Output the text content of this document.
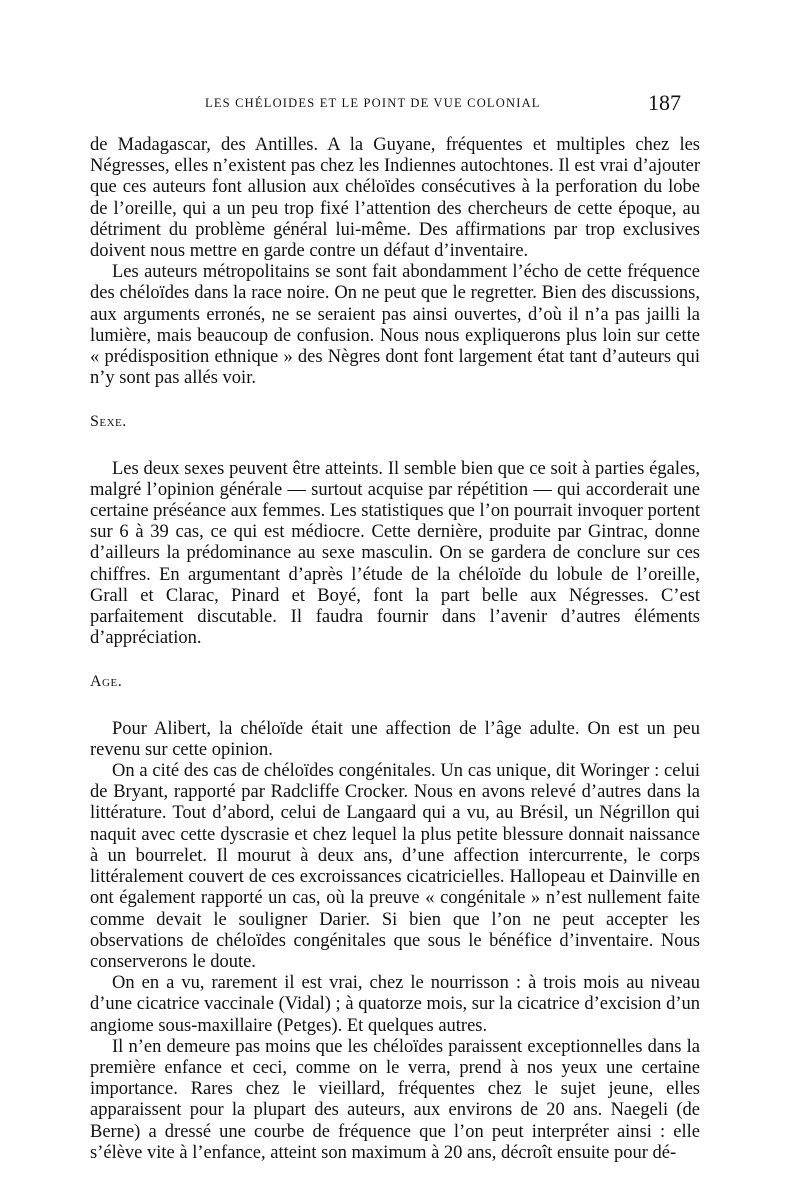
LES CHÉLOIDES ET LE POINT DE VUE COLONIAL	187

de Madagascar, des Antilles. A la Guyane, fréquentes et multiples chez les Négresses, elles n’existent pas chez les Indiennes autochtones. Il est vrai d’ajouter que ces auteurs font allusion aux chéloïdes consécutives à la perforation du lobe de l’oreille, qui a un peu trop fixé l’attention des chercheurs de cette époque, au détriment du problème général lui-même. Des affirmations par trop exclusives doivent nous mettre en garde contre un défaut d’inventaire.

Les auteurs métropolitains se sont fait abondamment l’écho de cette fréquence des chéloïdes dans la race noire. On ne peut que le regretter. Bien des discussions, aux arguments erronés, ne se seraient pas ainsi ouvertes, d’où il n’a pas jailli la lumière, mais beaucoup de confusion. Nous nous expliquerons plus loin sur cette « prédisposition ethnique » des Nègres dont font largement état tant d’auteurs qui n’y sont pas allés voir.

Sexe.

Les deux sexes peuvent être atteints. Il semble bien que ce soit à parties égales, malgré l’opinion générale — surtout acquise par répétition — qui accorderait une certaine préséance aux femmes. Les statistiques que l’on pourrait invoquer portent sur 6 à 39 cas, ce qui est médiocre. Cette dernière, produite par Gintrac, donne d’ailleurs la prédominance au sexe masculin. On se gardera de conclure sur ces chiffres. En argumentant d’après l’étude de la chéloïde du lobule de l’oreille, Grall et Clarac, Pinard et Boyé, font la part belle aux Négresses. C’est parfaitement discutable. Il faudra fournir dans l’avenir d’autres éléments d’appréciation.

Age.

Pour Alibert, la chéloïde était une affection de l’âge adulte. On est un peu revenu sur cette opinion.

On a cité des cas de chéloïdes congénitales. Un cas unique, dit Woringer : celui de Bryant, rapporté par Radcliffe Crocker. Nous en avons relevé d’autres dans la littérature. Tout d’abord, celui de Langaard qui a vu, au Brésil, un Négrillon qui naquit avec cette dyscrasie et chez lequel la plus petite blessure donnait naissance à un bourrelet. Il mourut à deux ans, d’une affection intercurrente, le corps littéralement couvert de ces excroissances cicatricielles. Hallopeau et Dainville en ont également rapporté un cas, où la preuve « congénitale » n’est nullement faite comme devait le souligner Darier. Si bien que l’on ne peut accepter les observations de chéloïdes congénitales que sous le bénéfice d’inventaire. Nous conserverons le doute.

On en a vu, rarement il est vrai, chez le nourrisson : à trois mois au niveau d’une cicatrice vaccinale (Vidal) ; à quatorze mois, sur la cicatrice d’excision d’un angiome sous-maxillaire (Petges). Et quelques autres.

Il n’en demeure pas moins que les chéloïdes paraissent exceptionnelles dans la première enfance et ceci, comme on le verra, prend à nos yeux une certaine importance. Rares chez le vieillard, fréquentes chez le sujet jeune, elles apparaissent pour la plupart des auteurs, aux environs de 20 ans. Naegeli (de Berne) a dressé une courbe de fréquence que l’on peut interpréter ainsi : elle s’élève vite à l’enfance, atteint son maximum à 20 ans, décroît ensuite pour dé-
